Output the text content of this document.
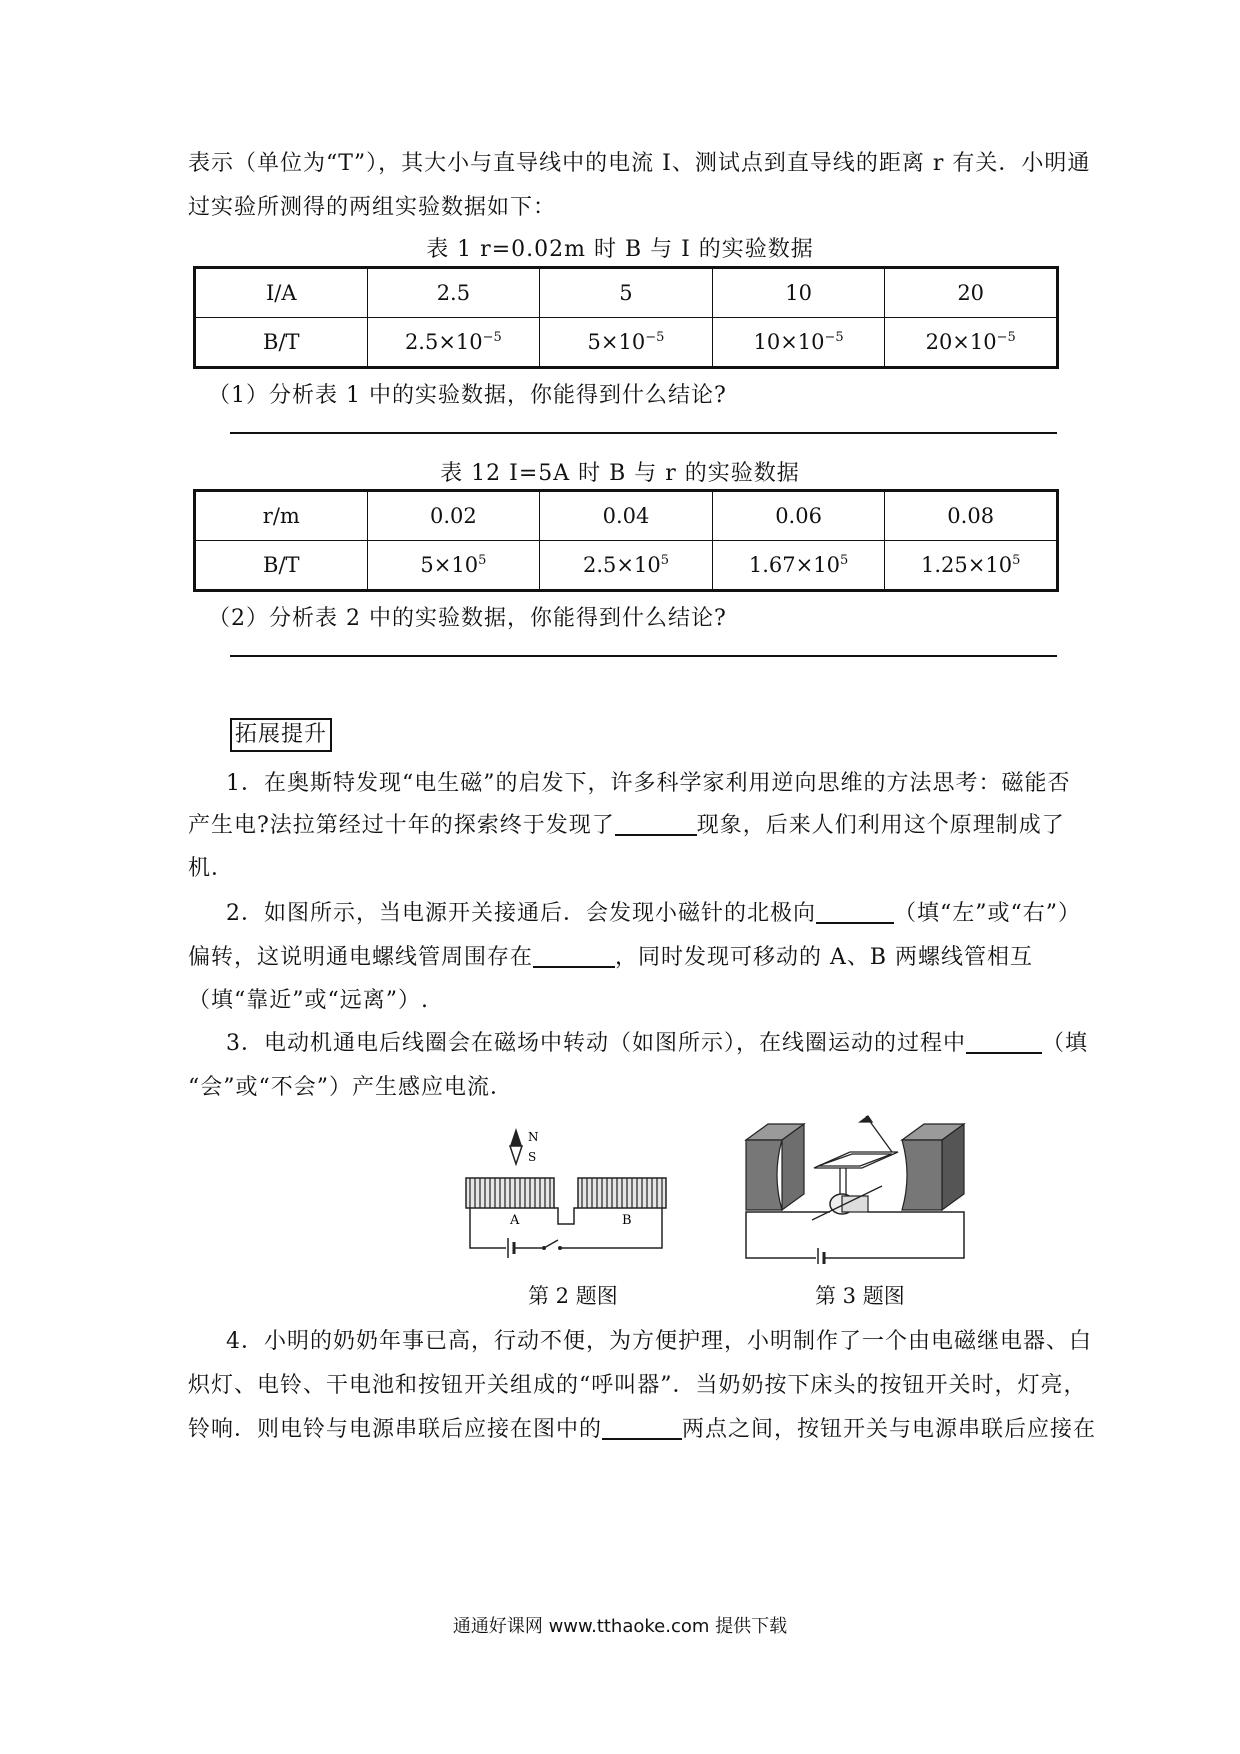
表示（单位为“T”），其大小与直导线中的电流 I、测试点到直导线的距离 r 有关．小明通
过实验所测得的两组实验数据如下：
表 1 r=0.02m 时 B 与 I 的实验数据
I/A	2.5	5	10	20
B/T	$2.5\times 10^{-5}$	$5\times 10^{-5}$	$10\times 10^{-5}$	$20\times 10^{-5}$
（1）分析表 1 中的实验数据，你能得到什么结论?
表 12 I=5A 时 B 与 r 的实验数据
r/m	0.02	0.04	0.06	0.08
B/T	$5\times 10^5$	$2.5\times 10^5$	$1.67\times 10^5$	$1.25\times 10^5$
（2）分析表 2 中的实验数据，你能得到什么结论?
拓展提升
1．在奥斯特发现“电生磁”的启发下，许多科学家利用逆向思维的方法思考：磁能否
产生电?法拉第经过十年的探索终于发现了	现象，后来人们利用这个原理制成了
机．
2．如图所示，当电源开关接通后．会发现小磁针的北极向	（填“左”或“右”）
偏转，这说明通电螺线管周围存在	，同时发现可移动的 A、B 两螺线管相互
（填“靠近”或“远离”）.
3．电动机通电后线圈会在磁场中转动（如图所示），在线圈运动的过程中	（填
“会”或“不会”）产生感应电流．
N
S
A	B
第 2 题图	第 3 题图
4．小明的奶奶年事已高，行动不便，为方便护理，小明制作了一个由电磁继电器、白
炽灯、电铃、干电池和按钮开关组成的“呼叫器”．当奶奶按下床头的按钮开关时，灯亮，
铃响．则电铃与电源串联后应接在图中的	两点之间，按钮开关与电源串联后应接在
通通好课网 www.tthaoke.com 提供下载
